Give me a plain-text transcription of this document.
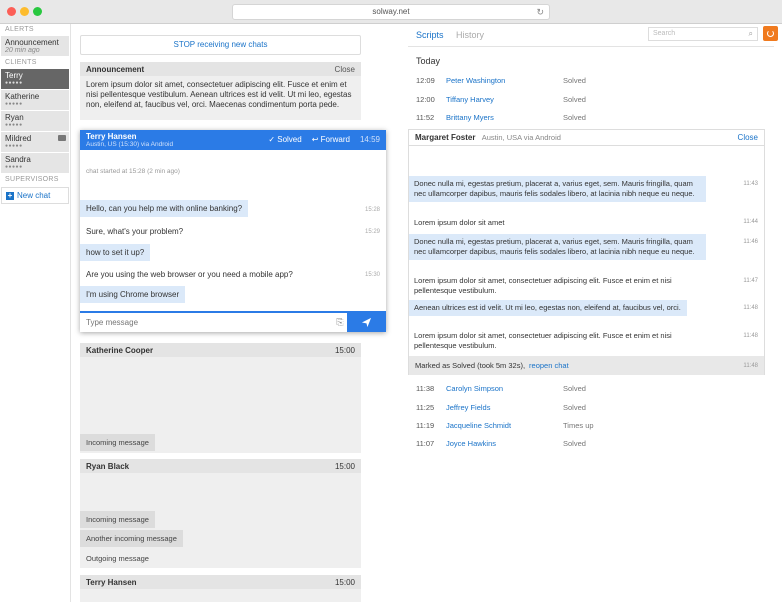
solway.net	↻
ALERTS
Announcement
20 min ago
CLIENTS
Terry
●●●●●
Katherine
●●●●●
Ryan
●●●●●
Mildred
●●●●●
Sandra
●●●●●
SUPERVISORS
+ New chat
STOP receiving new chats
Announcement	Close
Lorem ipsum dolor sit amet, consectetuer adipiscing elit. Fusce et enim et nisi pellentesque vestibulum. Aenean ultrices est id velit. Ut mi leo, egestas non, eleifend at, faucibus vel, orci. Maecenas condimentum porta pede.
Terry Hansen
Austin, US (15:30) via Android
✓ Solved ↩ Forward 14:59
chat started at 15:28 (2 min ago)
Hello, can you help me with online banking?	15:28
Sure, what's your problem?	15:29
how to set it up?
Are you using the web browser or you need a mobile app?	15:30
I'm using Chrome browser
Type message
⎘
Katherine Cooper	15:00
Incoming message
Ryan Black	15:00
Incoming message
Another incoming message
Outgoing message
Terry Hansen	15:00
Scripts History	Search	⌕
Today
12:09	Peter Washington	Solved
12:00	Tiffany Harvey	Solved
11:52	Brittany Myers	Solved
Margaret Foster Austin, USA via Android	Close
Donec nulla mi, egestas pretium, placerat a, varius eget, sem. Mauris fringilla, quam nec ullamcorper dapibus, mauris felis sodales libero, at lacinia nibh neque eu neque.
11:43
Lorem ipsum dolor sit amet	11:44
Donec nulla mi, egestas pretium, placerat a, varius eget, sem. Mauris fringilla, quam nec ullamcorper dapibus, mauris felis sodales libero, at lacinia nibh neque eu neque.
11:46
Lorem ipsum dolor sit amet, consectetuer adipiscing elit. Fusce et enim et nisi pellentesque vestibulum.
11:47
Aenean ultrices est id velit. Ut mi leo, egestas non, eleifend at, faucibus vel, orci.	11:48
Lorem ipsum dolor sit amet, consectetuer adipiscing elit. Fusce et enim et nisi pellentesque vestibulum.
11:48
Marked as Solved (took 5m 32s), reopen chat	11:48
11:38	Carolyn Simpson	Solved
11:25	Jeffrey Fields	Solved
11:19	Jacqueline Schmidt	Times up
11:07	Joyce Hawkins	Solved
